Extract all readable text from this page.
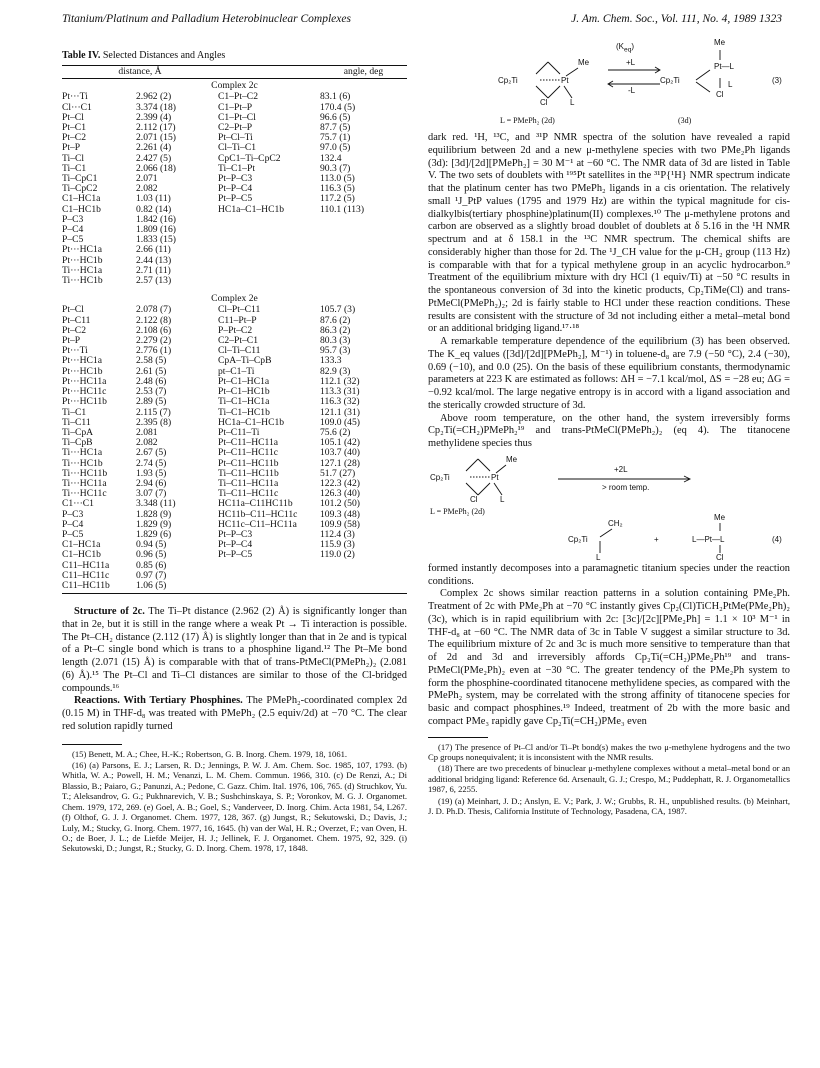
Titanium/Platinum and Palladium Heterobinuclear Complexes	J. Am. Chem. Soc., Vol. 111, No. 4, 1989 1323
Table IV. Selected Distances and Angles
distance, Å			angle, deg
Complex 2c			
Pt···Ti	2.962 (2)	C1–Pt–C2	83.1 (6)
Cl···C1	3.374 (18)	C1–Pt–P	170.4 (5)
Pt–Cl	2.399 (4)	C1–Pt–Cl	96.6 (5)
Pt–C1	2.112 (17)	C2–Pt–P	87.7 (5)
Pt–C2	2.071 (15)	Pt–Cl–Ti	75.7 (1)
Pt–P	2.261 (4)	Cl–Ti–C1	97.0 (5)
Ti–Cl	2.427 (5)	CpC1–Ti–CpC2	132.4
Ti–C1	2.066 (18)	Ti–C1–Pt	90.3 (7)
Ti–CpC1	2.071	Pt–P–C3	113.0 (5)
Ti–CpC2	2.082	Pt–P–C4	116.3 (5)
C1–HC1a	1.03 (11)	Pt–P–C5	117.2 (5)
C1–HC1b	0.82 (14)	HC1a–C1–HC1b	110.1 (113)
P–C3	1.842 (16)		
P–C4	1.809 (16)		
P–C5	1.833 (15)		
Pt···HC1a	2.66 (11)		
Pt···HC1b	2.44 (13)		
Ti···HC1a	2.71 (11)		
Ti···HC1b	2.57 (13)		

Complex 2e			
Pt–Cl	2.078 (7)	Cl–Pt–C11	105.7 (3)
Pt–C11	2.122 (8)	C11–Pt–P	87.6 (2)
Pt–C2	2.108 (6)	P–Pt–C2	86.3 (2)
Pt–P	2.279 (2)	C2–Pt–C1	80.3 (3)
Pt···Ti	2.776 (1)	Cl–Ti–C11	95.7 (3)
Pt···HC1a	2.58 (5)	CpA–Ti–CpB	133.3
Pt···HC1b	2.61 (5)	pt–C1–Ti	82.9 (3)
Pt···HC11a	2.48 (6)	Pt–C1–HC1a	112.1 (32)
Pt···HC11c	2.53 (7)	Pt–C1–HC1b	113.3 (31)
Pt···HC11b	2.89 (5)	Ti–C1–HC1a	116.3 (32)
Ti–C1	2.115 (7)	Ti–C1–HC1b	121.1 (31)
Ti–C11	2.395 (8)	HC1a–C1–HC1b	109.0 (45)
Ti–CpA	2.081	Pt–C11–Ti	75.6 (2)
Ti–CpB	2.082	Pt–C11–HC11a	105.1 (42)
Ti···HC1a	2.67 (5)	Pt–C11–HC11c	103.7 (40)
Ti···HC1b	2.74 (5)	Pt–C11–HC11b	127.1 (28)
Ti···HC11b	1.93 (5)	Ti–C11–HC11b	51.7 (27)
Ti···HC11a	2.94 (6)	Ti–C11–HC11a	122.3 (42)
Ti···HC11c	3.07 (7)	Ti–C11–HC11c	126.3 (40)
C1···C1	3.348 (11)	HC11a–C11HC11b	101.2 (50)
P–C3	1.828 (9)	HC11b–C11–HC11c	109.3 (48)
P–C4	1.829 (9)	HC11c–C11–HC11a	109.9 (58)
P–C5	1.829 (6)	Pt–P–C3	112.4 (3)
C1–HC1a	0.94 (5)	Pt–P–C4	115.9 (3)
C1–HC1b	0.96 (5)	Pt–P–C5	119.0 (2)
C11–HC11a	0.85 (6)		
C11–HC11c	0.97 (7)		
C11–HC11b	1.06 (5)		

Structure of 2c. The Ti–Pt distance (2.962 (2) Å) is significantly longer than that in 2e, but it is still in the range where a weak Pt → Ti interaction is possible. The Pt–CH₂ distance (2.112 (17) Å) is slightly longer than that in 2e and is typical of a Pt–C single bond which is trans to a phosphine ligand.¹² The Pt–Me bond length (2.071 (15) Å) is comparable with that of trans-PtMeCl(PMePh₂)₂ (2.081 (6) Å).¹⁵ The Pt–Cl and Ti–Cl distances are similar to those of the Cl-bridged compounds.¹⁶

Reactions. With Tertiary Phosphines. The PMePh₂-coordinated complex 2d (0.15 M) in THF-d₈ was treated with PMePh₂ (2.5 equiv/2d) at −70 °C. The clear red solution rapidly turned

(15) Benett, M. A.; Chee, H.-K.; Robertson, G. B. Inorg. Chem. 1979, 18, 1061.

(16) (a) Parsons, E. J.; Larsen, R. D.; Jennings, P. W. J. Am. Chem. Soc. 1985, 107, 1793. (b) Whitla, W. A.; Powell, H. M.; Venanzi, L. M. Chem. Commun. 1966, 310. (c) De Renzi, A.; Di Blassio, B.; Paiaro, G.; Panunzi, A.; Pedone, C. Gazz. Chim. Ital. 1976, 106, 765. (d) Struchkov, Yu. T.; Aleksandrov, G. G.; Pukhnarevich, V. B.; Sushchinskaya, S. P.; Voronkov, M. G. J. Organomet. Chem. 1979, 172, 269. (e) Goel, A. B.; Goel, S.; Vanderveer, D. Inorg. Chim. Acta 1981, 54, L267. (f) Olthof, G. J. J. Organomet. Chem. 1977, 128, 367. (g) Jungst, R.; Sekutowski, D.; Davis, J.; Luly, M.; Stucky, G. Inorg. Chem. 1977, 16, 1645. (h) van der Wal, H. R.; Overzet, F.; van Oven, H. O.; de Boer, J. L.; de Liefde Meijer, H. J.; Jellinek, F. J. Organomet. Chem. 1975, 92, 329. (i) Sekutowski, D.; Jungst, R.; Stucky, G. D. Inorg. Chem. 1978, 17, 1848.

$(K_{eq})$
Me
Cp₂Ti	Pt
Cl	L
+L
-L
Me
Pt—L
Cp₂Ti	L
Cl
(3)
L = PMePh₂ (2d)	(3d)

dark red. ¹H, ¹³C, and ³¹P NMR spectra of the solution have revealed a rapid equilibrium between 2d and a new μ-methylene species with two PMe₂Ph ligands (3d): [3d]/[2d][PMePh₂] = 30 M⁻¹ at −60 °C. The NMR data of 3d are listed in Table V. The two sets of doublets with ¹⁹⁵Pt satellites in the ³¹P{¹H} NMR spectrum indicate that the platinum center has two PMePh₂ ligands in a cis orientation. The relatively small ¹J_PtP values (1795 and 1979 Hz) are within the typical magnitude for cis-dialkylbis(tertiary phosphine)platinum(II) complexes.¹⁰ The μ-methylene protons and carbon are observed as a slightly broad doublet of doublets at δ 5.16 in the ¹H NMR spectrum and at δ 158.1 in the ¹³C NMR spectrum. The chemical shifts are considerably higher than those for 2d. The ¹J_CH value for the μ-CH₂ group (113 Hz) is comparable with that for a typical methylene group in an acyclic hydrocarbon.⁹ Treatment of the equilibrium mixture with dry HCl (1 equiv/Ti) at −50 °C results in the spontaneous conversion of 3d into the kinetic products, Cp₂TiMe(Cl) and trans-PtMeCl(PMePh₂)₂; 2d is fairly stable to HCl under these reaction conditions. These results are consistent with the structure of 3d not including either a metal–metal bond or an additional bridging ligand.¹⁷·¹⁸

A remarkable temperature dependence of the equilibrium (3) has been observed. The K_eq values ([3d]/[2d][PMePh₂], M⁻¹) in toluene-d₈ are 7.9 (−50 °C), 2.4 (−30), 0.69 (−10), and 0.0 (25). On the basis of these equilibrium constants, thermodynamic parameters at 223 K are estimated as follows: ΔH = −7.1 kcal/mol, ΔS = −28 eu; ΔG = −0.92 kcal/mol. The large negative entropy is in accord with a ligand association and the sterically crowded structure of 3d.

Above room temperature, on the other hand, the system irreversibly forms Cp₂Ti(=CH₂)PMePh₂¹⁹ and trans-PtMeCl(PMePh₂)₂ (eq 4). The titanocene methylidene species thus

Me
Cp₂Ti	Pt
Cl	L
+2L
> room temp.
L = PMePh₂ (2d)
CH₂
Cp₂Ti
L
+
Me
L—Pt—L
Cl
(4)

formed instantly decomposes into a paramagnetic titanium species under the reaction conditions.

Complex 2c shows similar reaction patterns in a solution containing PMe₂Ph. Treatment of 2c with PMe₂Ph at −70 °C instantly gives Cp₂(Cl)TiCH₂PtMe(PMe₂Ph)₂ (3c), which is in rapid equilibrium with 2c: [3c]/[2c][PMe₂Ph] = 1.1 × 10³ M⁻¹ in THF-d₈ at −60 °C. The NMR data of 3c in Table V suggest a similar structure to 3d. The equilibrium mixture of 2c and 3c is much more sensitive to temperature than that of 2d and 3d and irreversibly affords Cp₂Ti(=CH₂)PMe₂Ph¹⁹ and trans-PtMeCl(PMe₂Ph)₂ even at −30 °C. The greater tendency of the PMe₂Ph system to form the phosphine-coordinated titanocene methylidene species, as compared with the PMePh₂ system, may be correlated with the strong affinity of titanocene species for basic and compact phosphines.¹⁹ Indeed, treatment of 2b with the more basic and compact PMe₃ rapidly gave Cp₂Ti(=CH₂)PMe₃ even

(17) The presence of Pt–Cl and/or Ti–Pt bond(s) makes the two μ-methylene hydrogens and the two Cp groups nonequivalent; it is inconsistent with the NMR results.

(18) There are two precedents of binuclear μ-methylene complexes without a metal–metal bond or an additional bridging ligand: Reference 6d. Arsenault, G. J.; Crespo, M.; Puddephatt, R. J. Organometallics 1987, 6, 2255.

(19) (a) Meinhart, J. D.; Anslyn, E. V.; Park, J. W.; Grubbs, R. H., unpublished results. (b) Meinhart, J. D. Ph.D. Thesis, California Institute of Technology, Pasadena, CA, 1987.
